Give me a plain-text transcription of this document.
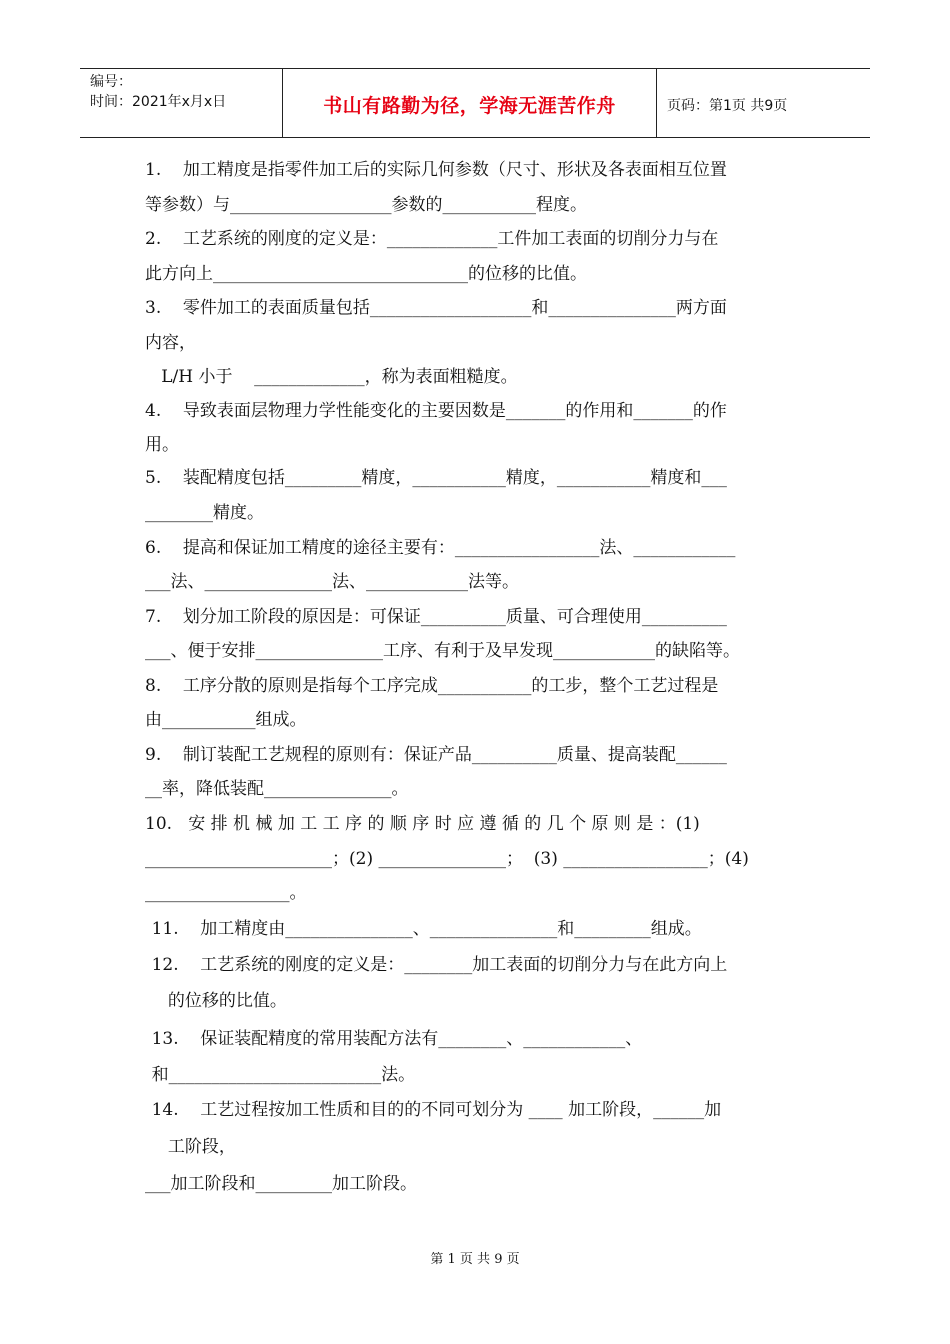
编号：
时间：2021年x月x日	书山有路勤为径，学海无涯苦作舟	页码：第1页 共9页
1.    加工精度是指零件加工后的实际几何参数（尺寸、形状及各表面相互位置
等参数）与___________________参数的___________程度。
2.    工艺系统的刚度的定义是：_____________工件加工表面的切削分力与在
此方向上______________________________的位移的比值。
3.    零件加工的表面质量包括___________________和_______________两方面
内容，
L/H 小于    _____________，称为表面粗糙度。
4.    导致表面层物理力学性能变化的主要因数是_______的作用和_______的作
用。
5.    装配精度包括_________精度，___________精度，___________精度和___
________精度。
6.    提高和保证加工精度的途径主要有：_________________法、____________
___法、_______________法、____________法等。
7.    划分加工阶段的原因是：可保证__________质量、可合理使用__________
___、便于安排_______________工序、有利于及早发现____________的缺陷等。
8.    工序分散的原则是指每个工序完成___________的工步，整个工艺过程是
由___________组成。
9.    制订装配工艺规程的原则有：保证产品__________质量、提高装配______
__率，降低装配_______________。
10.   安 排 机 械 加 工 工 序 的 顺 序 时 应 遵 循 的 几 个 原 则 是 ：(1)
______________________；(2) _______________；  (3) _________________；(4)
_________________。
11.    加工精度由_______________、_______________和_________组成。
12.    工艺系统的刚度的定义是：________加工表面的切削分力与在此方向上
的位移的比值。
13.    保证装配精度的常用装配方法有________、____________、
和_________________________法。
14.    工艺过程按加工性质和目的的不同可划分为 ____ 加工阶段，______加
工阶段，
___加工阶段和_________加工阶段。
第 1 页 共 9 页
